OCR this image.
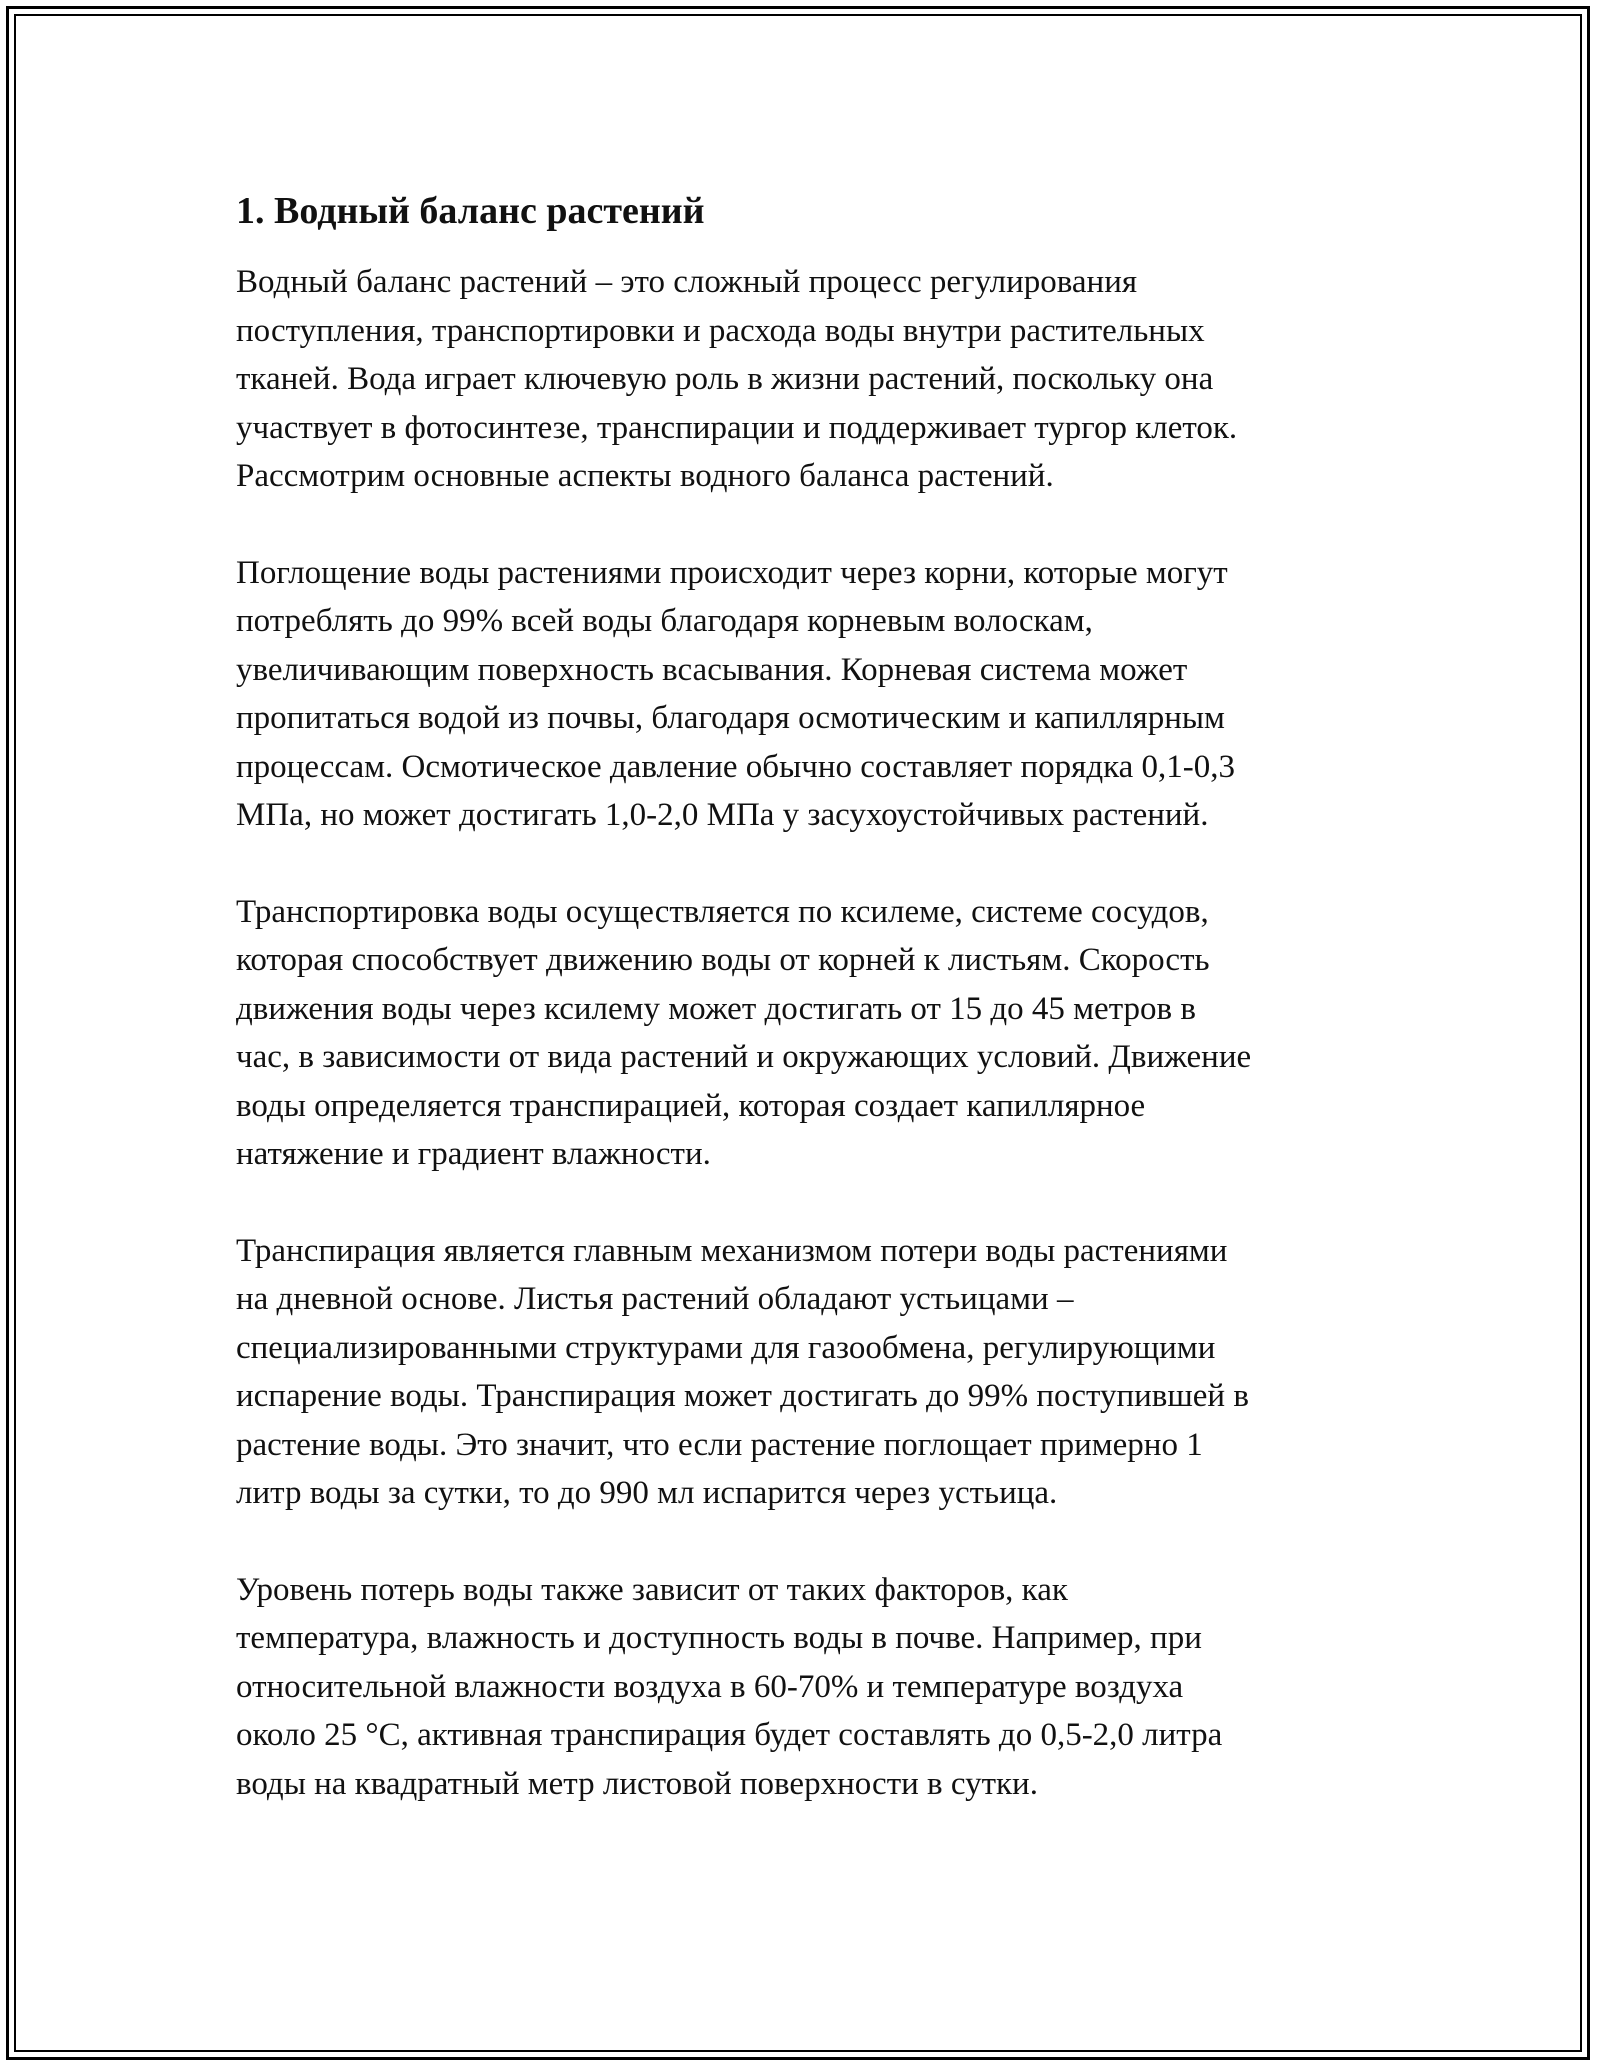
1. Водный баланс растений

Водный баланс растений – это сложный процесс регулирования
поступления, транспортировки и расхода воды внутри растительных
тканей. Вода играет ключевую роль в жизни растений, поскольку она
участвует в фотосинтезе, транспирации и поддерживает тургор клеток.
Рассмотрим основные аспекты водного баланса растений.

Поглощение воды растениями происходит через корни, которые могут
потреблять до 99% всей воды благодаря корневым волоскам,
увеличивающим поверхность всасывания. Корневая система может
пропитаться водой из почвы, благодаря осмотическим и капиллярным
процессам. Осмотическое давление обычно составляет порядка 0,1-0,3
МПа, но может достигать 1,0-2,0 МПа у засухоустойчивых растений.

Транспортировка воды осуществляется по ксилеме, системе сосудов,
которая способствует движению воды от корней к листьям. Скорость
движения воды через ксилему может достигать от 15 до 45 метров в
час, в зависимости от вида растений и окружающих условий. Движение
воды определяется транспирацией, которая создает капиллярное
натяжение и градиент влажности.

Транспирация является главным механизмом потери воды растениями
на дневной основе. Листья растений обладают устьицами –
специализированными структурами для газообмена, регулирующими
испарение воды. Транспирация может достигать до 99% поступившей в
растение воды. Это значит, что если растение поглощает примерно 1
литр воды за сутки, то до 990 мл испарится через устьица.

Уровень потерь воды также зависит от таких факторов, как
температура, влажность и доступность воды в почве. Например, при
относительной влажности воздуха в 60-70% и температуре воздуха
около 25 °C, активная транспирация будет составлять до 0,5-2,0 литра
воды на квадратный метр листовой поверхности в сутки.
